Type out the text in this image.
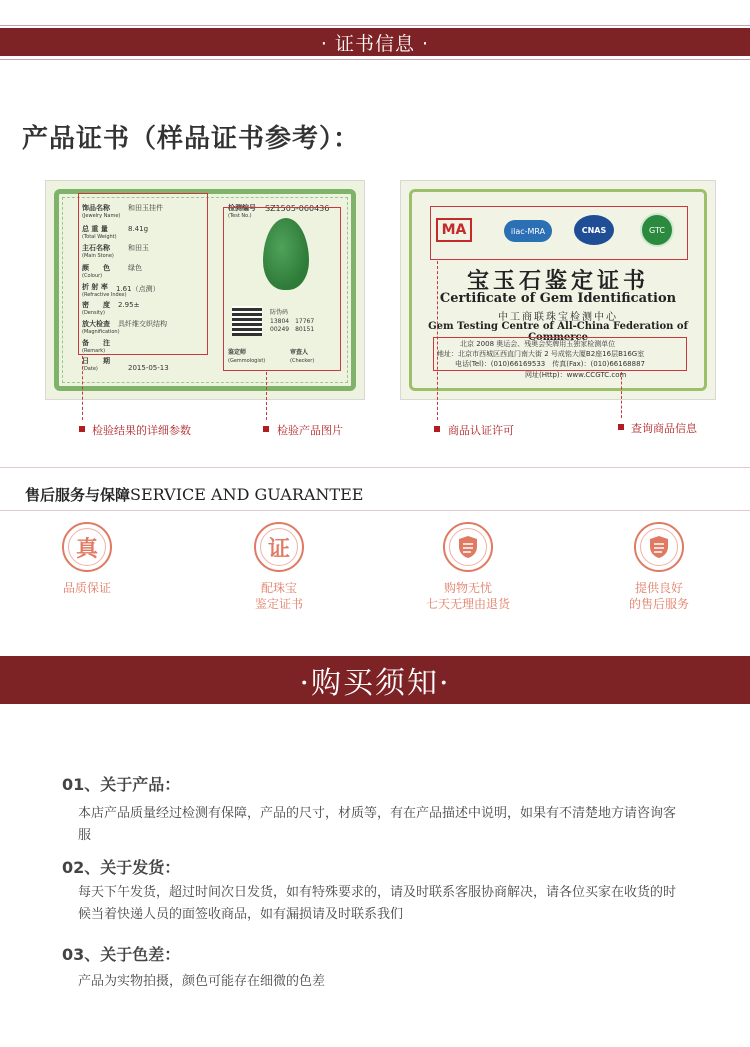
· 证书信息 ·
产品证书（样品证书参考）：
饰品名称	和田玉挂件
(Jewelry Name)
总 重 量	8.41g
(Total Weight)
主石名称	和田玉
(Main Stone)
颜　　色	绿色
(Colour)
折 射 率 1.61（点测）
(Refractive Index)
密　　度 2.95±
(Density)
放大检查 具纤维交织结构
(Magnification)
备　　注
(Remark)
日　　期
2015-05-13
(Date)
检测编号 SZ1505-060436
(Test No.)
防伪码
13804　17767
00249　80151
鉴定师
(Gemmologist)
审查人
(Checker)
MA	ilac-MRA	CNAS	GTC
宝玉石鉴定证书
Certificate of Gem Identification
中工商联珠宝检测中心
Gem Testing Centre of All-China Federation of Commerce
北京 2008 奥运会、残奥会奖牌用玉独家检测单位
地址：北京市西城区西直门南大街 2 号成铭大厦B2座16层B16G室
电话(Tel)：(010)66169533　传真(Fax)：(010)66168887
网址(Http)：www.CCGTC.com
检验结果的详细参数	检验产品图片	商品认证许可	查询商品信息
售后服务与保障SERVICE AND GUARANTEE
真
品质保证
证
配珠宝
鉴定证书
购物无忧
七天无理由退货
提供良好
的售后服务
·购买须知·
01、关于产品：
本店产品质量经过检测有保障，产品的尺寸，材质等，有在产品描述中说明，如果有不清楚地方请咨询客服
02、关于发货：
每天下午发货，超过时间次日发货，如有特殊要求的，请及时联系客服协商解决，请各位买家在收货的时候当着快递人员的面签收商品，如有漏损请及时联系我们
03、关于色差：
产品为实物拍摄，颜色可能存在细微的色差
